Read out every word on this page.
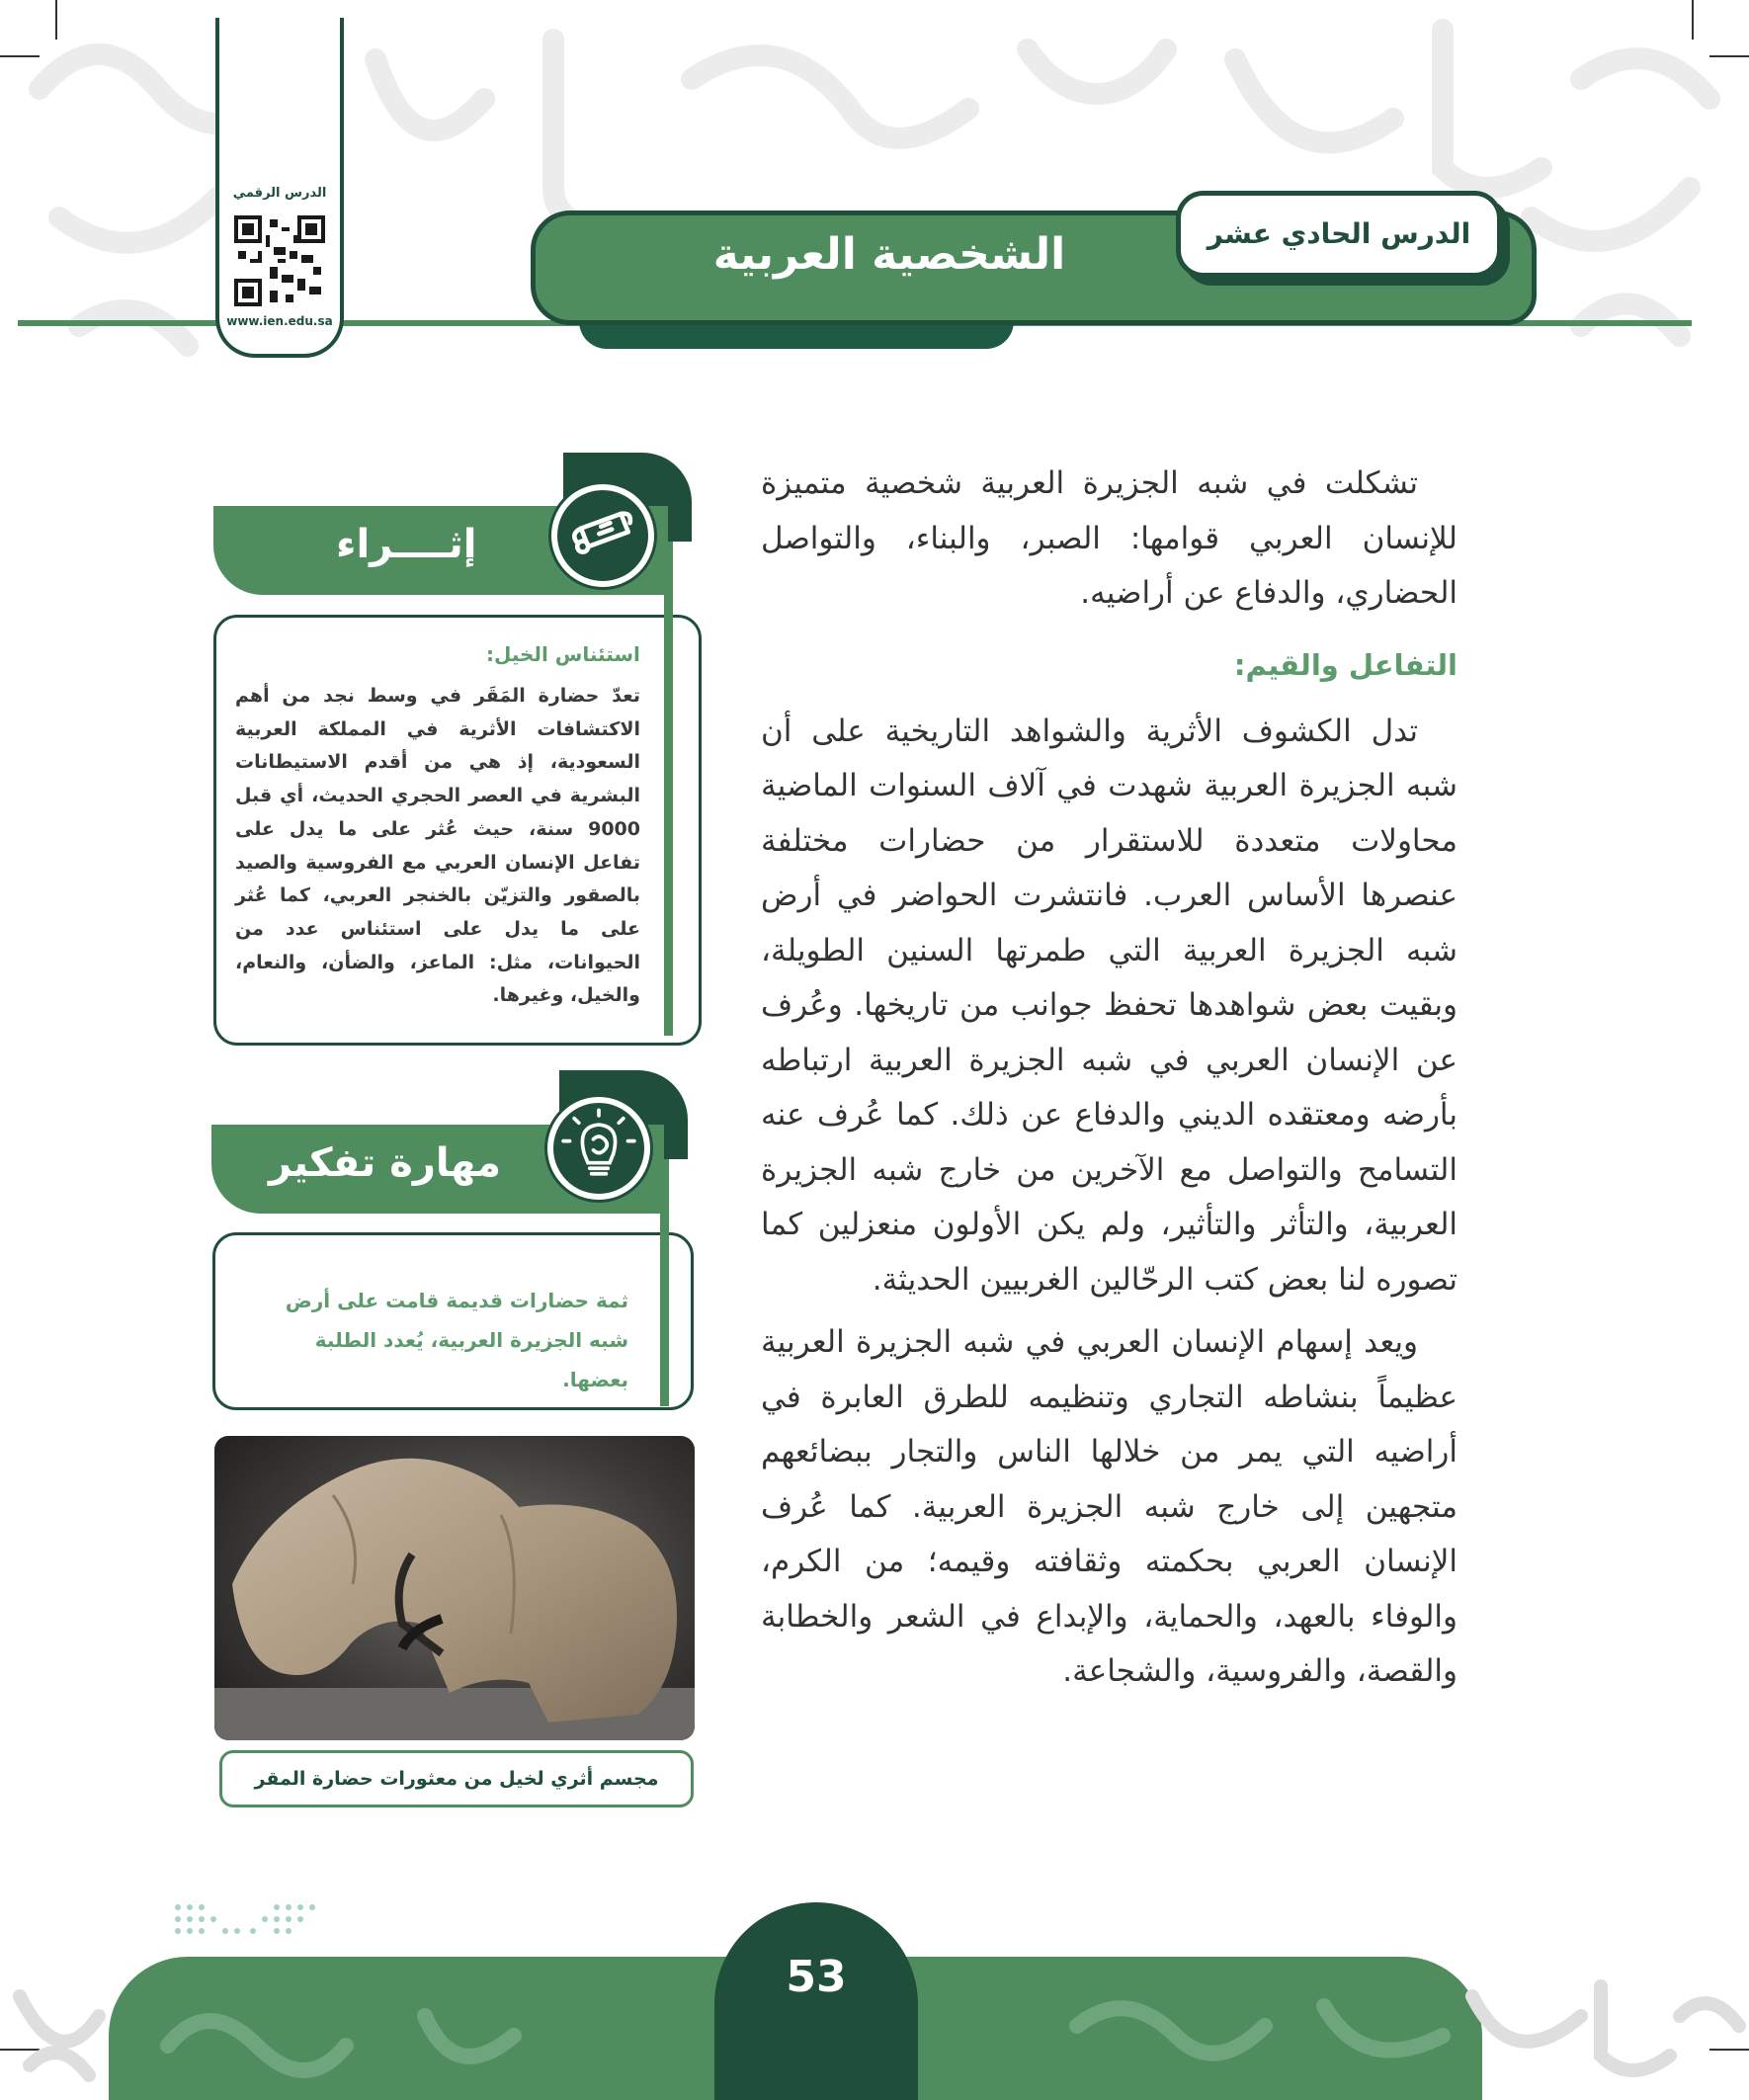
الشخصية العربية	الدرس الحادي عشر
الدرس الرقمي
www.ien.edu.sa

تشكلت في شبه الجزيرة العربية شخصية متميزة للإنسان العربي قوامها: الصبر، والبناء، والتواصل الحضاري، والدفاع عن أراضيه.

التفاعل والقيم:

تدل الكشوف الأثرية والشواهد التاريخية على أن شبه الجزيرة العربية شهدت في آلاف السنوات الماضية محاولات متعددة للاستقرار من حضارات مختلفة عنصرها الأساس العرب. فانتشرت الحواضر في أرض شبه الجزيرة العربية التي طمرتها السنين الطويلة، وبقيت بعض شواهدها تحفظ جوانب من تاريخها. وعُرف عن الإنسان العربي في شبه الجزيرة العربية ارتباطه بأرضه ومعتقده الديني والدفاع عن ذلك. كما عُرف عنه التسامح والتواصل مع الآخرين من خارج شبه الجزيرة العربية، والتأثر والتأثير، ولم يكن الأولون منعزلين كما تصوره لنا بعض كتب الرحّالين الغربيين الحديثة.

ويعد إسهام الإنسان العربي في شبه الجزيرة العربية عظيماً بنشاطه التجاري وتنظيمه للطرق العابرة في أراضيه التي يمر من خلالها الناس والتجار ببضائعهم متجهين إلى خارج شبه الجزيرة العربية. كما عُرف الإنسان العربي بحكمته وثقافته وقيمه؛ من الكرم، والوفاء بالعهد، والحماية، والإبداع في الشعر والخطابة والقصة، والفروسية، والشجاعة.

إثــــراء
استئناس الخيل:
تعدّ حضارة المَقَر في وسط نجد من أهم الاكتشافات الأثرية في المملكة العربية السعودية، إذ هي من أقدم الاستيطانات البشرية في العصر الحجري الحديث، أي قبل 9000 سنة، حيث عُثر على ما يدل على تفاعل الإنسان العربي مع الفروسية والصيد بالصقور والتزيّن بالخنجر العربي، كما عُثر على ما يدل على استئناس عدد من الحيوانات، مثل: الماعز، والضأن، والنعام، والخيل، وغيرها.
مهارة تفكير
ثمة حضارات قديمة قامت على أرض شبه الجزيرة العربية، يُعدد الطلبة بعضها.
مجسم أثري لخيل من معثورات حضارة المقر
53
